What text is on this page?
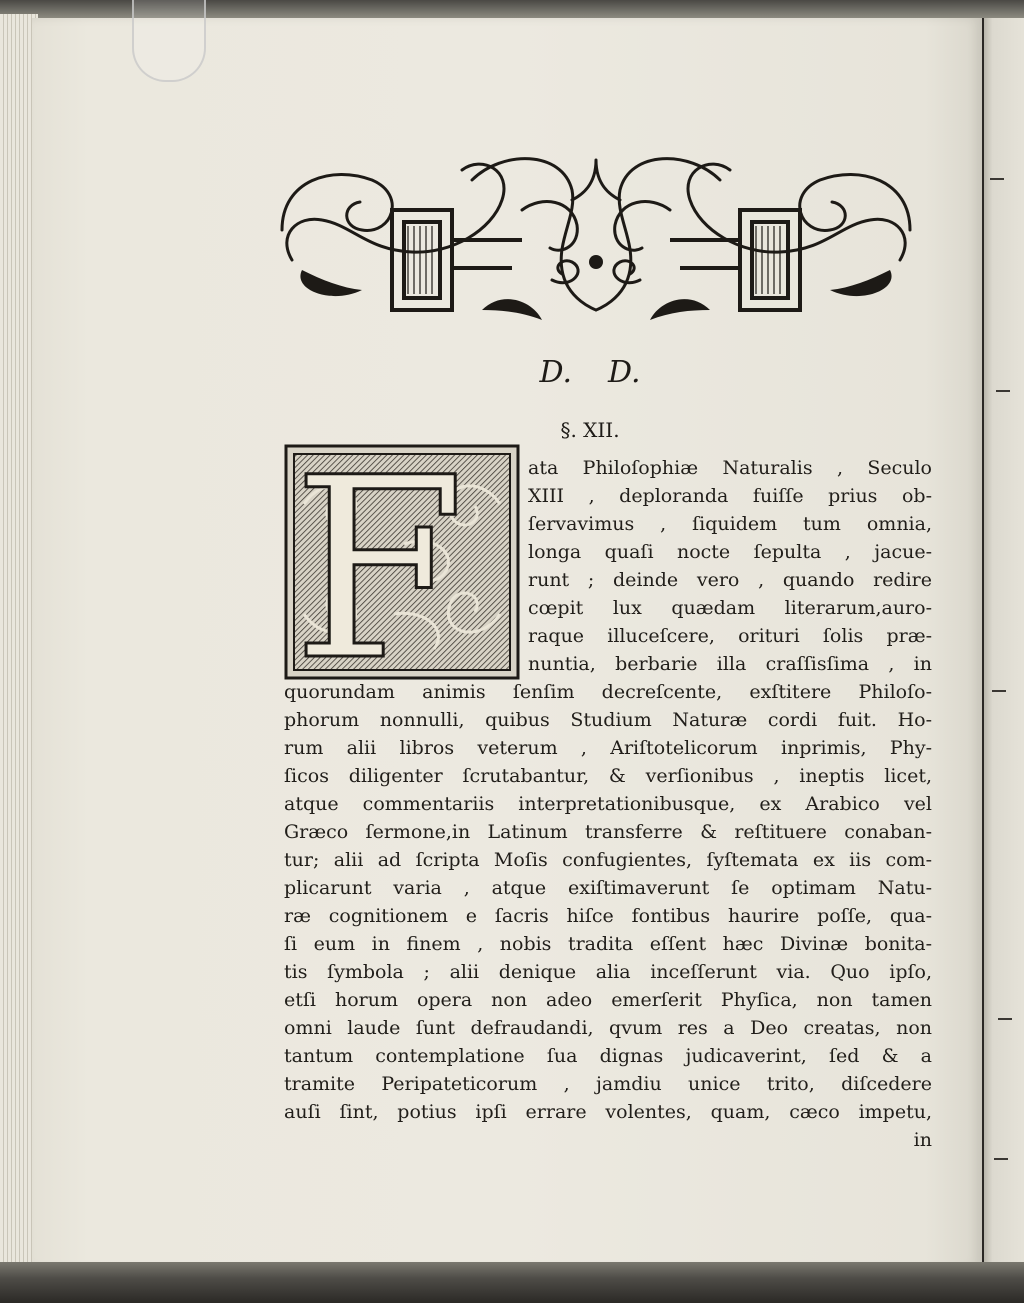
D. D.
§. XII.
F	ata Philoſophiæ Naturalis , Seculo
XIII , deploranda fuiſſe prius ob-
ſervavimus , ſiquidem tum omnia,
longa quaſi nocte ſepulta , jacue-
runt ; deinde vero , quando redire
cœpit lux quædam literarum,auro-
raque illuceſcere, orituri ſolis præ-
nuntia, berbarie illa craſſisſima , in
quorundam animis ſenſim decreſcente, exſtitere Philoſo-
phorum nonnulli, quibus Studium Naturæ cordi fuit. Ho-
rum alii libros veterum , Ariſtotelicorum inprimis, Phy-
ſicos diligenter ſcrutabantur, & verſionibus , ineptis licet,
atque commentariis interpretationibusque, ex Arabico vel
Græco ſermone,in Latinum transferre & reſtituere conaban-
tur; alii ad ſcripta Moſis confugientes, ſyſtemata ex iis com-
plicarunt varia , atque exiſtimaverunt ſe optimam Natu-
ræ cognitionem e ſacris hiſce fontibus haurire poſſe, qua-
ſi eum in finem , nobis tradita eſſent hæc Divinæ bonita-
tis ſymbola ; alii denique alia inceſſerunt via. Quo ipſo,
etſi horum opera non adeo emerſerit Phyſica, non tamen
omni laude ſunt defraudandi, qvum res a Deo creatas, non
tantum contemplatione ſua dignas judicaverint, ſed & a
tramite Peripateticorum , jamdiu unice trito, diſcedere
auſi ſint, potius ipſi errare volentes, quam, cæco impetu,
in
